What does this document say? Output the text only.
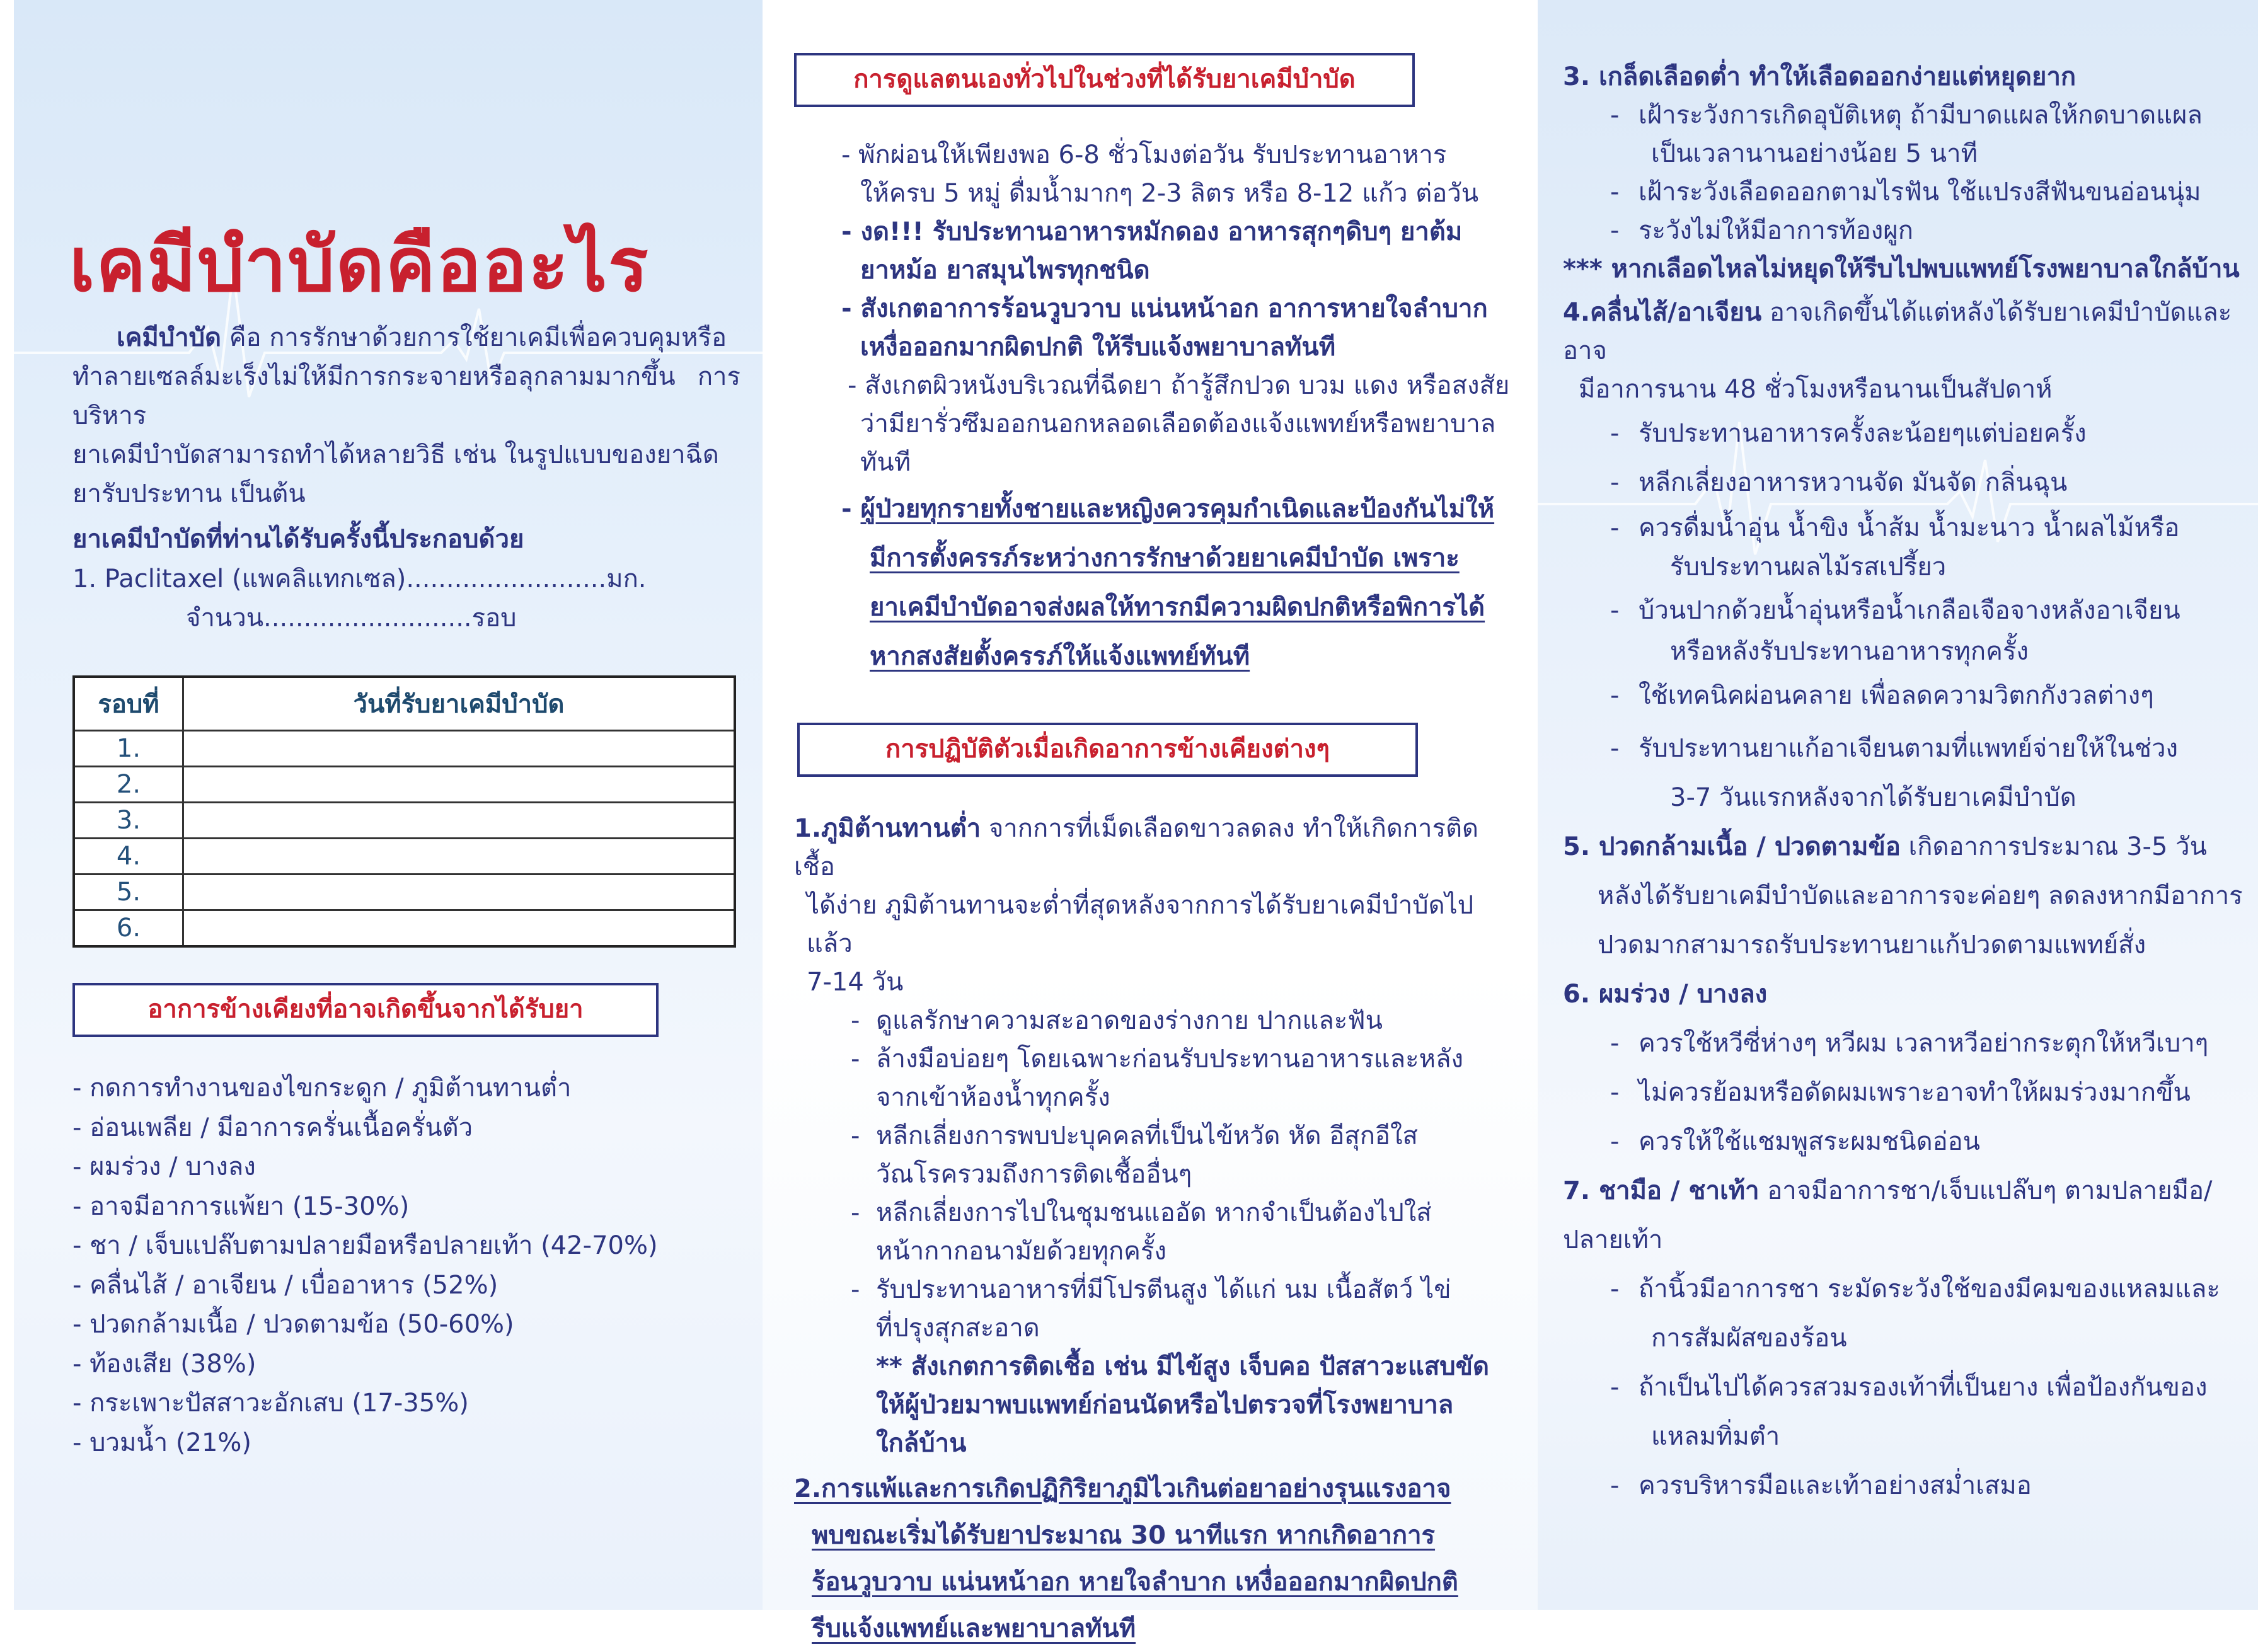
เคมีบำบัดคืออะไร

เคมีบำบัด คือ การรักษาด้วยการใช้ยาเคมีเพื่อควบคุมหรือ

ทำลายเซลล์มะเร็งไม่ให้มีการกระจายหรือลุกลามมากขึ้น การบริหาร

ยาเคมีบำบัดสามารถทำได้หลายวิธี เช่น ในรูปแบบของยาฉีด

ยารับประทาน เป็นต้น

ยาเคมีบำบัดที่ท่านได้รับครั้งนี้ประกอบด้วย

1. Paclitaxel (แพคลิแทกเซล).........................มก.

จำนวน..........................รอบ

รอบที่	วันที่รับยาเคมีบำบัด
1.	
2.	
3.	
4.	
5.	
6.	
อาการข้างเคียงที่อาจเกิดขึ้นจากได้รับยา

- กดการทำงานของไขกระดูก / ภูมิต้านทานต่ำ

- อ่อนเพลีย / มีอาการครั่นเนื้อครั่นตัว

- ผมร่วง / บางลง

- อาจมีอาการแพ้ยา (15-30%)

- ชา / เจ็บแปล๊บตามปลายมือหรือปลายเท้า (42-70%)

- คลื่นไส้ / อาเจียน / เบื่ออาหาร (52%)

- ปวดกล้ามเนื้อ / ปวดตามข้อ (50-60%)

- ท้องเสีย (38%)

- กระเพาะปัสสาวะอักเสบ (17-35%)

- บวมน้ำ (21%)

การดูแลตนเองทั่วไปในช่วงที่ได้รับยาเคมีบำบัด

- พักผ่อนให้เพียงพอ 6-8 ชั่วโมงต่อวัน รับประทานอาหาร

ให้ครบ 5 หมู่ ดื่มน้ำมากๆ 2-3 ลิตร หรือ 8-12 แก้ว ต่อวัน

- งด!!! รับประทานอาหารหมักดอง อาหารสุกๆดิบๆ ยาต้ม

ยาหม้อ ยาสมุนไพรทุกชนิด

- สังเกตอาการร้อนวูบวาบ แน่นหน้าอก อาการหายใจลำบาก

เหงื่อออกมากผิดปกติ ให้รีบแจ้งพยาบาลทันที

- สังเกตผิวหนังบริเวณที่ฉีดยา ถ้ารู้สึกปวด บวม แดง หรือสงสัย

ว่ามียารั่วซึมออกนอกหลอดเลือดต้องแจ้งแพทย์หรือพยาบาล

ทันที

- ผู้ป่วยทุกรายทั้งชายและหญิงควรคุมกำเนิดและป้องกันไม่ให้

มีการตั้งครรภ์ระหว่างการรักษาด้วยยาเคมีบำบัด เพราะ

ยาเคมีบำบัดอาจส่งผลให้ทารกมีความผิดปกติหรือพิการได้

หากสงสัยตั้งครรภ์ให้แจ้งแพทย์ทันที

การปฏิบัติตัวเมื่อเกิดอาการข้างเคียงต่างๆ

1.ภูมิต้านทานต่ำ จากการที่เม็ดเลือดขาวลดลง ทำให้เกิดการติดเชื้อ

ได้ง่าย ภูมิต้านทานจะต่ำที่สุดหลังจากการได้รับยาเคมีบำบัดไปแล้ว

7-14 วัน

- ดูแลรักษาความสะอาดของร่างกาย ปากและฟัน

- ล้างมือบ่อยๆ โดยเฉพาะก่อนรับประทานอาหารและหลัง

จากเข้าห้องน้ำทุกครั้ง

- หลีกเลี่ยงการพบปะบุคคลที่เป็นไข้หวัด หัด อีสุกอีใส

วัณโรครวมถึงการติดเชื้ออื่นๆ

- หลีกเลี่ยงการไปในชุมชนแออัด หากจำเป็นต้องไปใส่

หน้ากากอนามัยด้วยทุกครั้ง

- รับประทานอาหารที่มีโปรตีนสูง ได้แก่ นม เนื้อสัตว์ ไข่

ที่ปรุงสุกสะอาด

** สังเกตการติดเชื้อ เช่น มีไข้สูง เจ็บคอ ปัสสาวะแสบขัด

ให้ผู้ป่วยมาพบแพทย์ก่อนนัดหรือไปตรวจที่โรงพยาบาล

ใกล้บ้าน

2.การแพ้และการเกิดปฏิกิริยาภูมิไวเกินต่อยาอย่างรุนแรงอาจ

พบขณะเริ่มได้รับยาประมาณ 30 นาทีแรก หากเกิดอาการ

ร้อนวูบวาบ แน่นหน้าอก หายใจลำบาก เหงื่อออกมากผิดปกติ

รีบแจ้งแพทย์และพยาบาลทันที

3. เกล็ดเลือดต่ำ ทำให้เลือดออกง่ายแต่หยุดยาก

- เฝ้าระวังการเกิดอุบัติเหตุ ถ้ามีบาดแผลให้กดบาดแผล

เป็นเวลานานอย่างน้อย 5 นาที

- เฝ้าระวังเลือดออกตามไรฟัน ใช้แปรงสีฟันขนอ่อนนุ่ม

- ระวังไม่ให้มีอาการท้องผูก

*** หากเลือดไหลไม่หยุดให้รีบไปพบแพทย์โรงพยาบาลใกล้บ้าน

4.คลื่นไส้/อาเจียน อาจเกิดขึ้นได้แต่หลังได้รับยาเคมีบำบัดและอาจ

มีอาการนาน 48 ชั่วโมงหรือนานเป็นสัปดาห์

- รับประทานอาหารครั้งละน้อยๆแต่บ่อยครั้ง

- หลีกเลี่ยงอาหารหวานจัด มันจัด กลิ่นฉุน

- ควรดื่มน้ำอุ่น น้ำขิง น้ำส้ม น้ำมะนาว น้ำผลไม้หรือ

รับประทานผลไม้รสเปรี้ยว

- บ้วนปากด้วยน้ำอุ่นหรือน้ำเกลือเจือจางหลังอาเจียน

หรือหลังรับประทานอาหารทุกครั้ง

- ใช้เทคนิคผ่อนคลาย เพื่อลดความวิตกกังวลต่างๆ

- รับประทานยาแก้อาเจียนตามที่แพทย์จ่ายให้ในช่วง

3-7 วันแรกหลังจากได้รับยาเคมีบำบัด

5. ปวดกล้ามเนื้อ / ปวดตามข้อ เกิดอาการประมาณ 3-5 วัน

หลังได้รับยาเคมีบำบัดและอาการจะค่อยๆ ลดลงหากมีอาการ

ปวดมากสามารถรับประทานยาแก้ปวดตามแพทย์สั่ง

6. ผมร่วง / บางลง

- ควรใช้หวีซี่ห่างๆ หวีผม เวลาหวีอย่ากระตุกให้หวีเบาๆ

- ไม่ควรย้อมหรือดัดผมเพราะอาจทำให้ผมร่วงมากขึ้น

- ควรให้ใช้แชมพูสระผมชนิดอ่อน

7. ชามือ / ชาเท้า อาจมีอาการชา/เจ็บแปล๊บๆ ตามปลายมือ/ ปลายเท้า

- ถ้านิ้วมีอาการชา ระมัดระวังใช้ของมีคมของแหลมและ

การสัมผัสของร้อน

- ถ้าเป็นไปได้ควรสวมรองเท้าที่เป็นยาง เพื่อป้องกันของ

แหลมทิ่มตำ

- ควรบริหารมือและเท้าอย่างสม่ำเสมอ
